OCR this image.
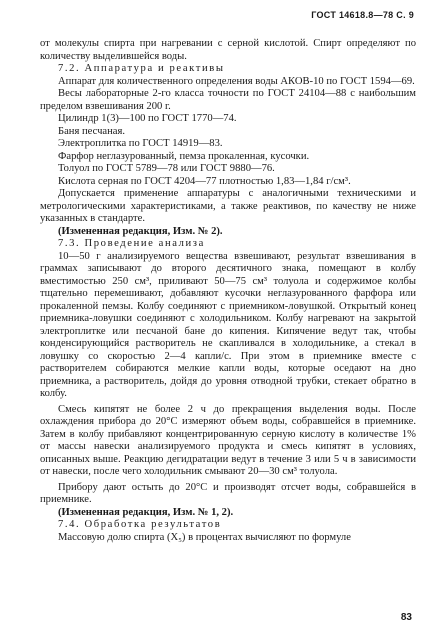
ГОСТ 14618.8—78 С. 9

от молекулы спирта при нагревании с серной кислотой. Спирт определяют по количеству выделившейся воды.

7.2. Аппаратура и реактивы

Аппарат для количественного определения воды АКОВ-10 по ГОСТ 1594—69.

Весы лабораторные 2-го класса точности по ГОСТ 24104—88 с наибольшим пределом взвешивания 200 г.

Цилиндр 1(3)—100 по ГОСТ 1770—74.

Баня песчаная.

Электроплитка по ГОСТ 14919—83.

Фарфор неглазурованный, пемза прокаленная, кусочки.

Толуол по ГОСТ 5789—78 или ГОСТ 9880—76.

Кислота серная по ГОСТ 4204—77 плотностью 1,83—1,84 г/см³.

Допускается применение аппаратуры с аналогичными техническими и метрологическими характеристиками, а также реактивов, по качеству не ниже указанных в стандарте.

(Измененная редакция, Изм. № 2).

7.3. Проведение анализа

10—50 г анализируемого вещества взвешивают, результат взвешивания в граммах записывают до второго десятичного знака, помещают в колбу вместимостью 250 см³, приливают 50—75 см³ толуола и содержимое колбы тщательно перемешивают, добавляют кусочки неглазурованного фарфора или прокаленной пемзы. Колбу соединяют с приемником-ловушкой. Открытый конец приемника-ловушки соединяют с холодильником. Колбу нагревают на закрытой электроплитке или песчаной бане до кипения. Кипячение ведут так, чтобы конденсирующийся растворитель не скапливался в холодильнике, а стекал в ловушку со скоростью 2—4 капли/с. При этом в приемнике вместе с растворителем собираются мелкие капли воды, которые оседают на дно приемника, а растворитель, дойдя до уровня отводной трубки, стекает обратно в колбу.

Смесь кипятят не более 2 ч до прекращения выделения воды. После охлаждения прибора до 20°С измеряют объем воды, собравшейся в приемнике. Затем в колбу прибавляют концентрированную серную кислоту в количестве 1% от массы навески анализируемого продукта и смесь кипятят в условиях, описанных выше. Реакцию дегидратации ведут в течение 3 или 5 ч в зависимости от навески, после чего холодильник смывают 20—30 см³ толуола.

Прибору дают остыть до 20°С и производят отсчет воды, собравшейся в приемнике.

(Измененная редакция, Изм. № 1, 2).

7.4. Обработка результатов

Массовую долю спирта (X₅) в процентах вычисляют по формуле

83
